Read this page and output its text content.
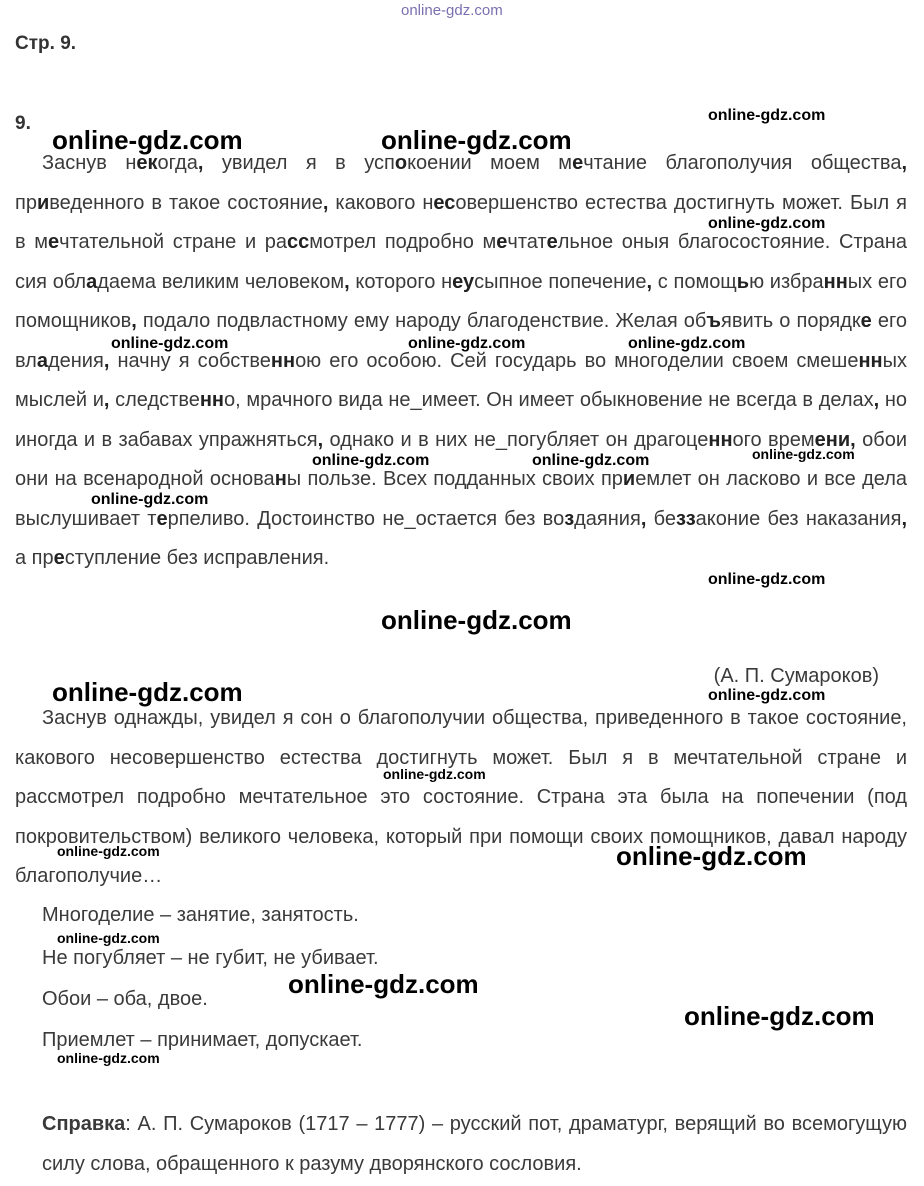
online-gdz.com
Стр. 9.
9.

Заснув некогда, увидел я в успокоении моем мечтание благополучия общества, приведенного в такое состояние, какового несовершенство естества достигнуть может. Был я в мечтательной стране и рассмотрел подробно мечтательное оныя благосостояние. Страна сия обладаема великим человеком, которого неусыпное попечение, с помощью избранных его помощников, подало подвластному ему народу благоденствие. Желая объявить о порядке его владения, начну я собственною его особою. Сей государь во многоделии своем смешенных мыслей и, следственно, мрачного вида не_имеет. Он имеет обыкновение не всегда в делах, но иногда и в забавах упражняться, однако и в них не_погубляет он драгоценного времени, обои они на всенародной основаны пользе. Всех подданных своих приемлет он ласково и все дела выслушивает терпеливо. Достоинство не_остается без воздаяния, беззаконие без наказания, а преступление без исправления.

(А. П. Сумароков)

Заснув однажды, увидел я сон о благополучии общества, приведенного в такое состояние, какового несовершенство естества достигнуть может. Был я в мечтательной стране и рассмотрел подробно мечтательное это состояние. Страна эта была на попечении (под покровительством) великого человека, который при помощи своих помощников, давал народу благополучие…

Многоделие – занятие, занятость.
Не погубляет – не губит, не убивает.
Обои – оба, двое.
Приемлет – принимает, допускает.

Справка: А. П. Сумароков (1717 – 1777) – русский пот, драматург, верящий во всемогущую силу слова, обращенного к разуму дворянского сословия.

online-gdz.com	online-gdz.com
online-gdz.com
online-gdz.com
online-gdz.com	online-gdz.com	online-gdz.com
online-gdz.com
online-gdz.com	online-gdz.com
online-gdz.com
online-gdz.com
online-gdz.com
online-gdz.com
online-gdz.com
online-gdz.com
online-gdz.com	online-gdz.com
online-gdz.com
online-gdz.com
online-gdz.com
online-gdz.com
